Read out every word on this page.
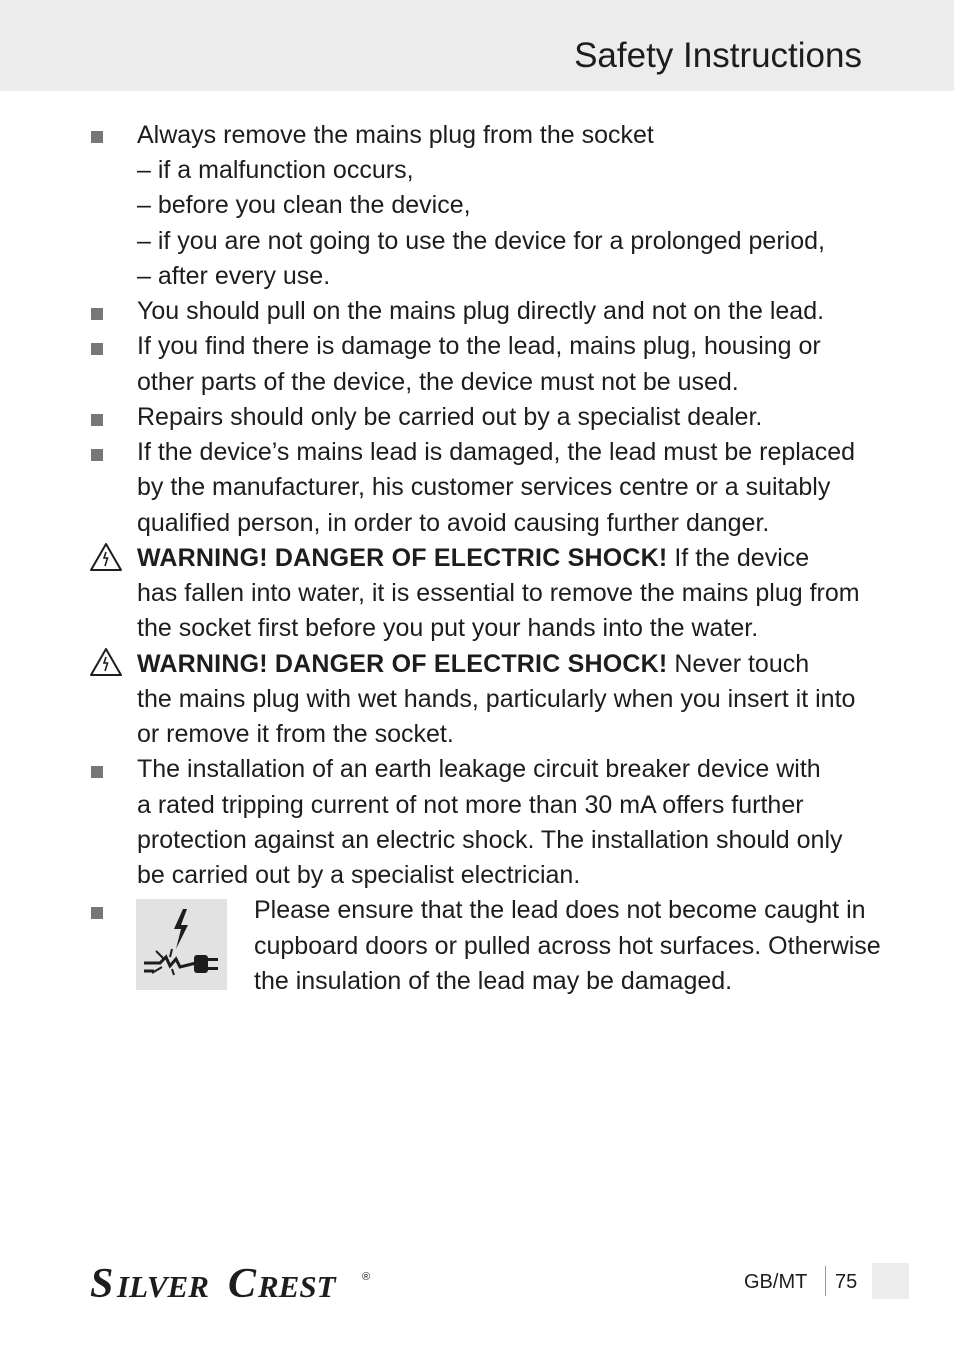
Safety Instructions
Always remove the mains plug from the socket
– if a malfunction occurs,
– before you clean the device,
– if you are not going to use the device for a prolonged period,
– after every use.
You should pull on the mains plug directly and not on the lead.
If you find there is damage to the lead, mains plug, housing or
other parts of the device, the device must not be used.
Repairs should only be carried out by a specialist dealer.
If the device’s mains lead is damaged, the lead must be replaced
by the manufacturer, his customer services centre or a suitably
qualified person, in order to avoid causing further danger.
WARNING! DANGER OF ELECTRIC SHOCK! If the device
has fallen into water, it is essential to remove the mains plug from
the socket first before you put your hands into the water.
WARNING! DANGER OF ELECTRIC SHOCK! Never touch
the mains plug with wet hands, particularly when you insert it into
or remove it from the socket.
The installation of an earth leakage circuit breaker device with
a rated tripping current of not more than 30 mA offers further
protection against an electric shock. The installation should only
be carried out by a specialist electrician.
Please ensure that the lead does not become caught in
cupboard doors or pulled across hot surfaces. Otherwise
the insulation of the lead may be damaged.
S ILVER C REST ®	GB/MT 75
